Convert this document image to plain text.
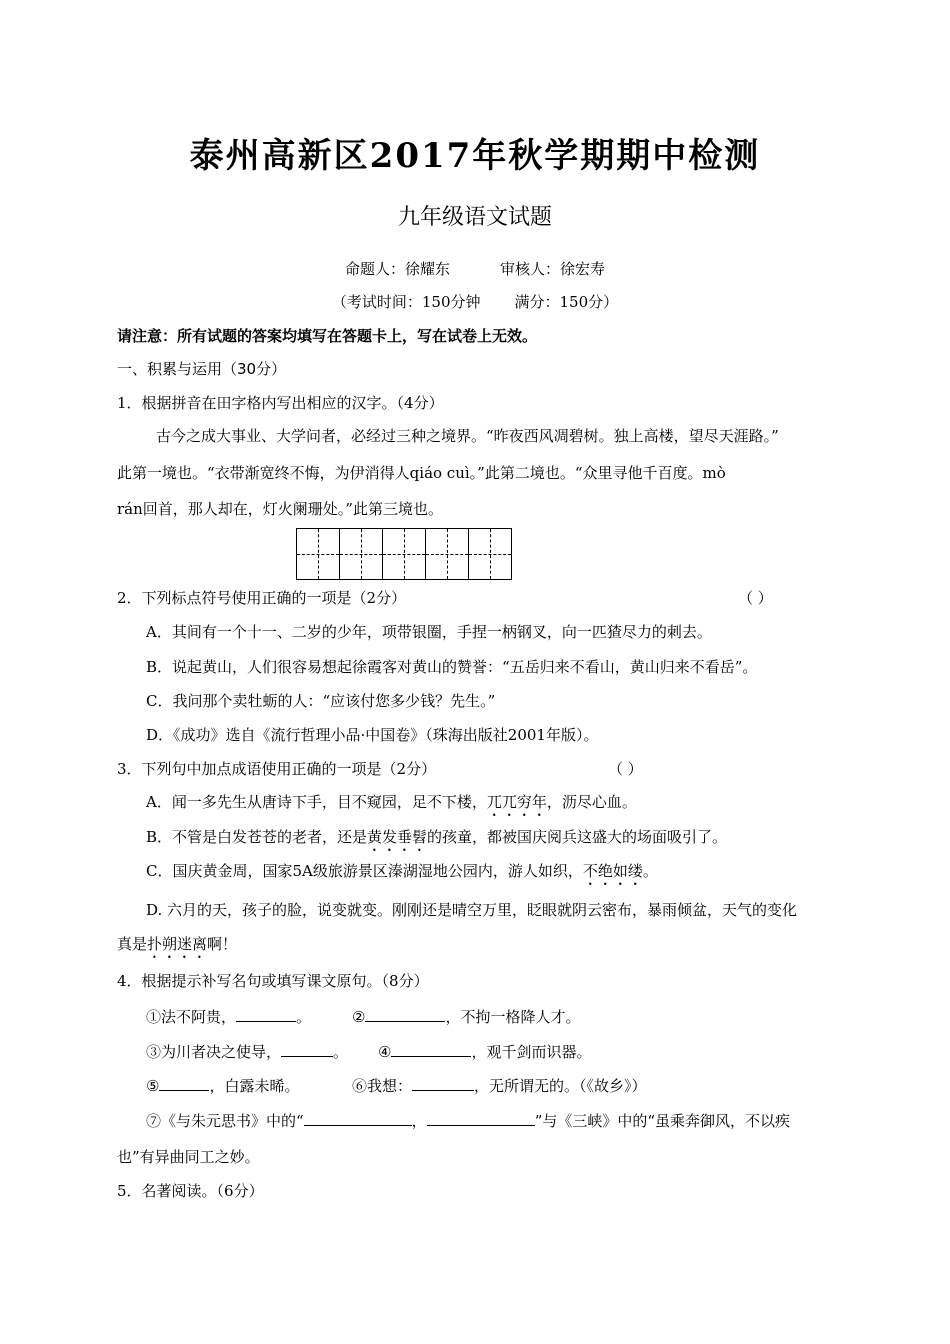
泰州高新区2017年秋学期期中检测
九年级语文试题
命题人：徐耀东	审核人：徐宏寿
（考试时间：150分钟 满分：150分）
请注意：所有试题的答案均填写在答题卡上，写在试卷上无效。
一、积累与运用（30分）
1．根据拼音在田字格内写出相应的汉字。（4分）
古今之成大事业、大学问者，必经过三种之境界。“昨夜西风凋碧树。独上高楼，望尽天涯路。”
此第一境也。“衣带渐宽终不悔，为伊消得人qiáo cuì。”此第二境也。“众里寻他千百度。mò
rán回首，那人却在，灯火阑珊处。”此第三境也。
2．下列标点符号使用正确的一项是（2分）	（ ）
A．其间有一个十一、二岁的少年，项带银圈，手捏一柄钢叉，向一匹猹尽力的刺去。
B．说起黄山，人们很容易想起徐霞客对黄山的赞誉：“五岳归来不看山，黄山归来不看岳”。
C．我问那个卖牡蛎的人：“应该付您多少钱？先生。”
D．《成功》选自《流行哲理小品·中国卷》（珠海出版社2001年版）。
3．下列句中加点成语使用正确的一项是（2分）	（ ）
A．闻一多先生从唐诗下手，目不窥园，足不下楼，兀兀穷年，沥尽心血。
B．不管是白发苍苍的老者，还是黄发垂髫的孩童，都被国庆阅兵这盛大的场面吸引了。
C．国庆黄金周，国家5A级旅游景区溱湖湿地公园内，游人如织，不绝如缕。
D. 六月的天，孩子的脸，说变就变。刚刚还是晴空万里，眨眼就阴云密布，暴雨倾盆，天气的变化
真是扑朔迷离啊！
4．根据提示补写名句或填写课文原句。（8分）
①法不阿贵，	。	②	，不拘一格降人才。
③为川者决之使导，	。	④	，观千剑而识器。
⑤	，白露未晞。	⑥我想：	，无所谓无的。（《故乡》）
⑦《与朱元思书》中的“	，	”与《三峡》中的“虽乘奔御风，不以疾
也”有异曲同工之妙。
5．名著阅读。（6分）
